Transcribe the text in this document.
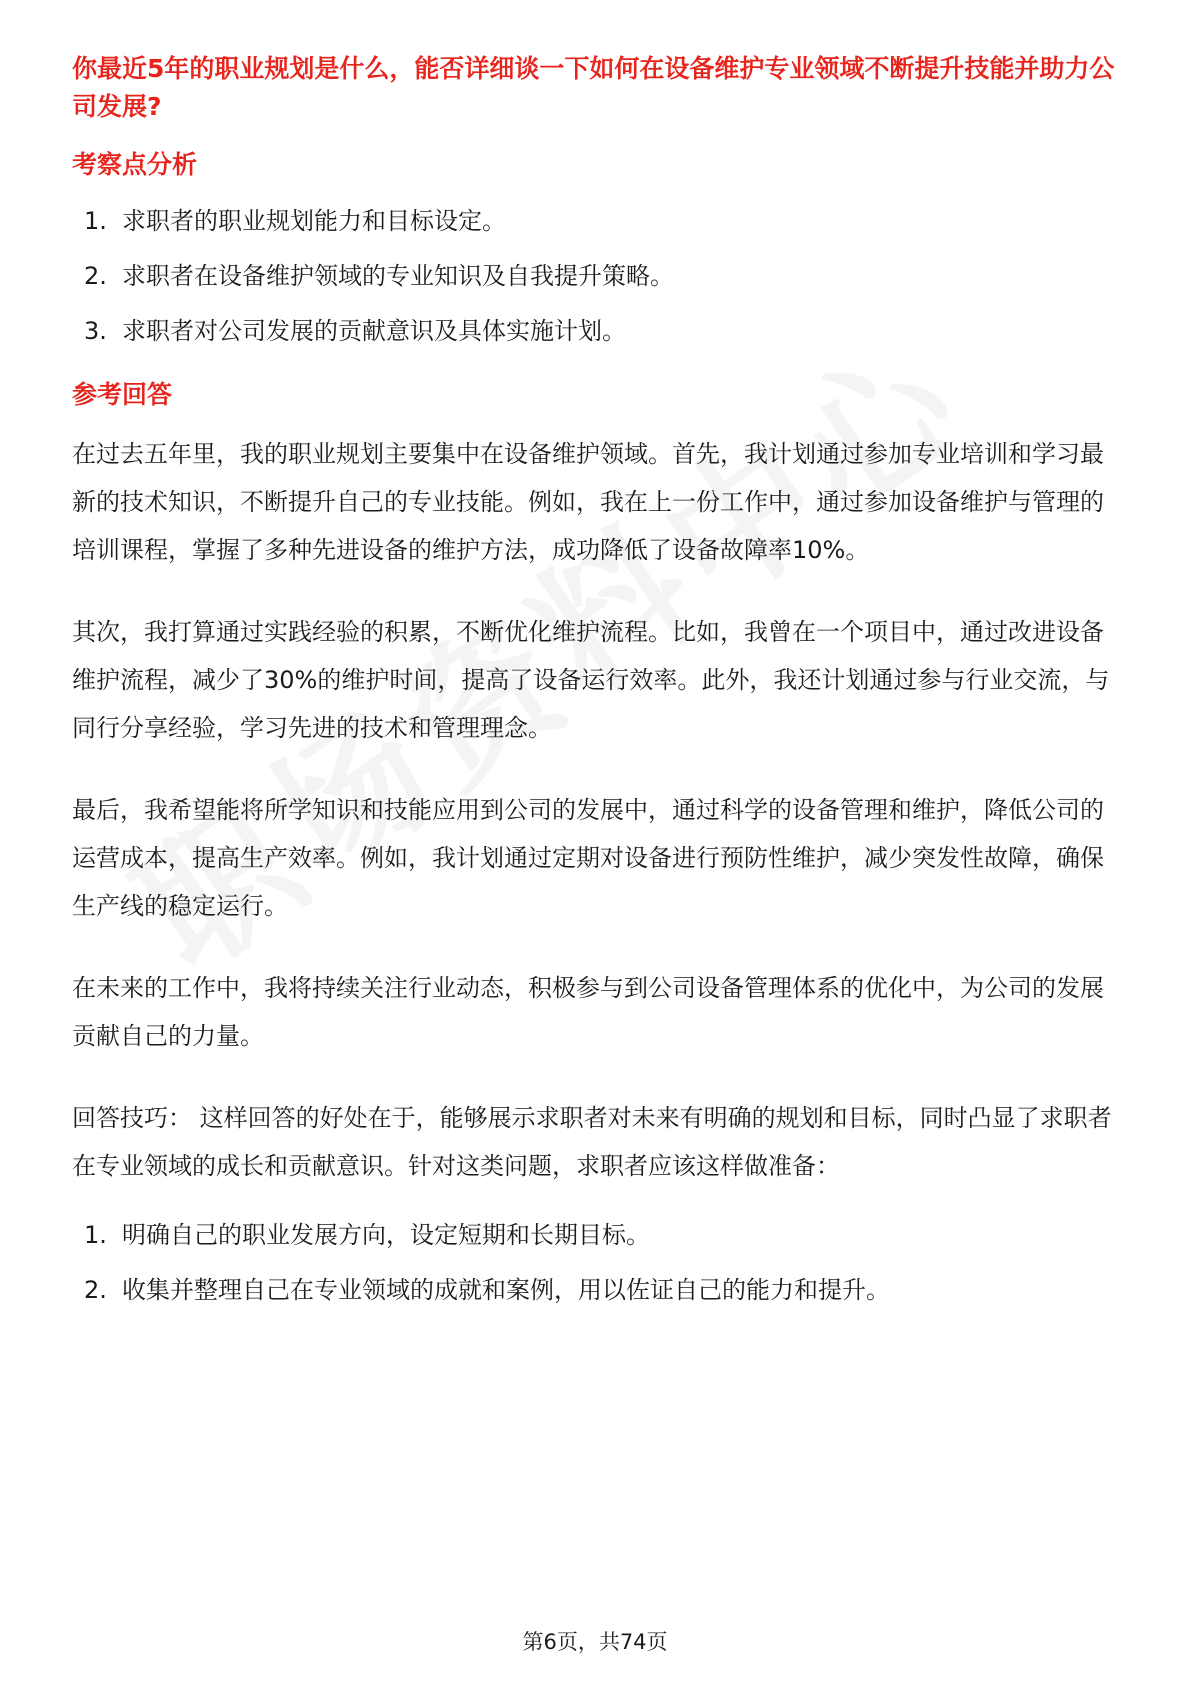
你最近5年的职业规划是什么，能否详细谈一下如何在设备维护专业领域不断提升技能并助力公司发展?
考察点分析
1. 求职者的职业规划能力和目标设定。
2. 求职者在设备维护领域的专业知识及自我提升策略。
3. 求职者对公司发展的贡献意识及具体实施计划。
参考回答

在过去五年里，我的职业规划主要集中在设备维护领域。首先，我计划通过参加专业培训和学习最新的技术知识，不断提升自己的专业技能。例如，我在上一份工作中，通过参加设备维护与管理的培训课程，掌握了多种先进设备的维护方法，成功降低了设备故障率10%。

其次，我打算通过实践经验的积累，不断优化维护流程。比如，我曾在一个项目中，通过改进设备维护流程，减少了30%的维护时间，提高了设备运行效率。此外，我还计划通过参与行业交流，与同行分享经验，学习先进的技术和管理理念。

最后，我希望能将所学知识和技能应用到公司的发展中，通过科学的设备管理和维护，降低公司的运营成本，提高生产效率。例如，我计划通过定期对设备进行预防性维护，减少突发性故障，确保生产线的稳定运行。

在未来的工作中，我将持续关注行业动态，积极参与到公司设备管理体系的优化中，为公司的发展贡献自己的力量。

回答技巧： 这样回答的好处在于，能够展示求职者对未来有明确的规划和目标，同时凸显了求职者在专业领域的成长和贡献意识。针对这类问题，求职者应该这样做准备：

1. 明确自己的职业发展方向，设定短期和长期目标。
2. 收集并整理自己在专业领域的成就和案例，用以佐证自己的能力和提升。
第6页，共74页
